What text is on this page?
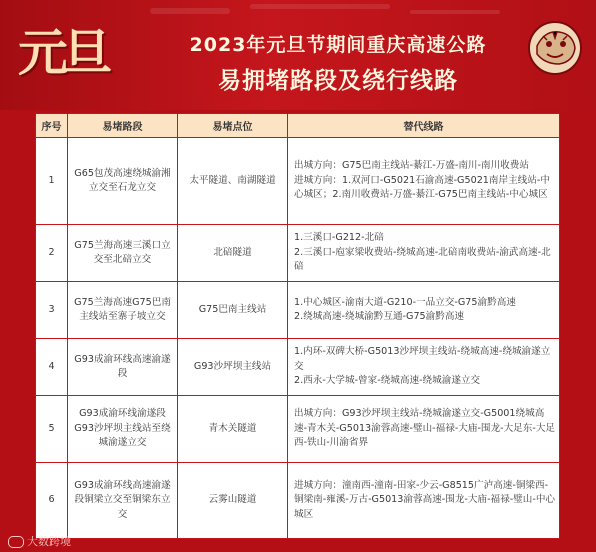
元旦	2023年元旦节期间重庆高速公路
易拥堵路段及绕行线路
序号	易堵路段	易堵点位	替代线路
1	G65包茂高速绕城渝湘立交至石龙立交	太平隧道、南湖隧道	出城方向：G75巴南主线站-綦江-万盛-南川-南川收费站
进城方向：1.双河口-G5021石渝高速-G5021南岸主线站-中心城区；2.南川收费站-万盛-綦江-G75巴南主线站-中心城区

2	G75兰海高速三溪口立交至北碚立交	北碚隧道	1.三溪口-G212-北碚
2.三溪口-庖家梁收费站-绕城高速-北碚南收费站-渝武高速-北碚

3	G75兰海高速G75巴南主线站至寨子坡立交	G75巴南主线站	1.中心城区-渝南大道-G210-一品立交-G75渝黔高速
2.绕城高速-绕城渝黔互通-G75渝黔高速

4	G93成渝环线高速渝遂段	G93沙坪坝主线站	1.内环-双碑大桥-G5013沙坪坝主线站-绕城高速-绕城渝遂立交
2.西永-大学城-曾家-绕城高速-绕城渝遂立交

5	G93成渝环线渝遂段G93沙坪坝主线站至绕城渝遂立交	青木关隧道	出城方向：G93沙坪坝主线站-绕城渝遂立交-G5001绕城高速-青木关-G5013渝蓉高速-璧山-福禄-大庙-围龙-大足东-大足西-铁山-川渝省界

6	G93成渝环线高速渝遂段铜梁立交至铜梁东立交	云雾山隧道	进城方向：潼南西-潼南-田家-少云-G8515广泸高速-铜梁西-铜梁南-雍溪-万古-G5013渝蓉高速-围龙-大庙-福禄-璧山-中心城区
大数跨境
